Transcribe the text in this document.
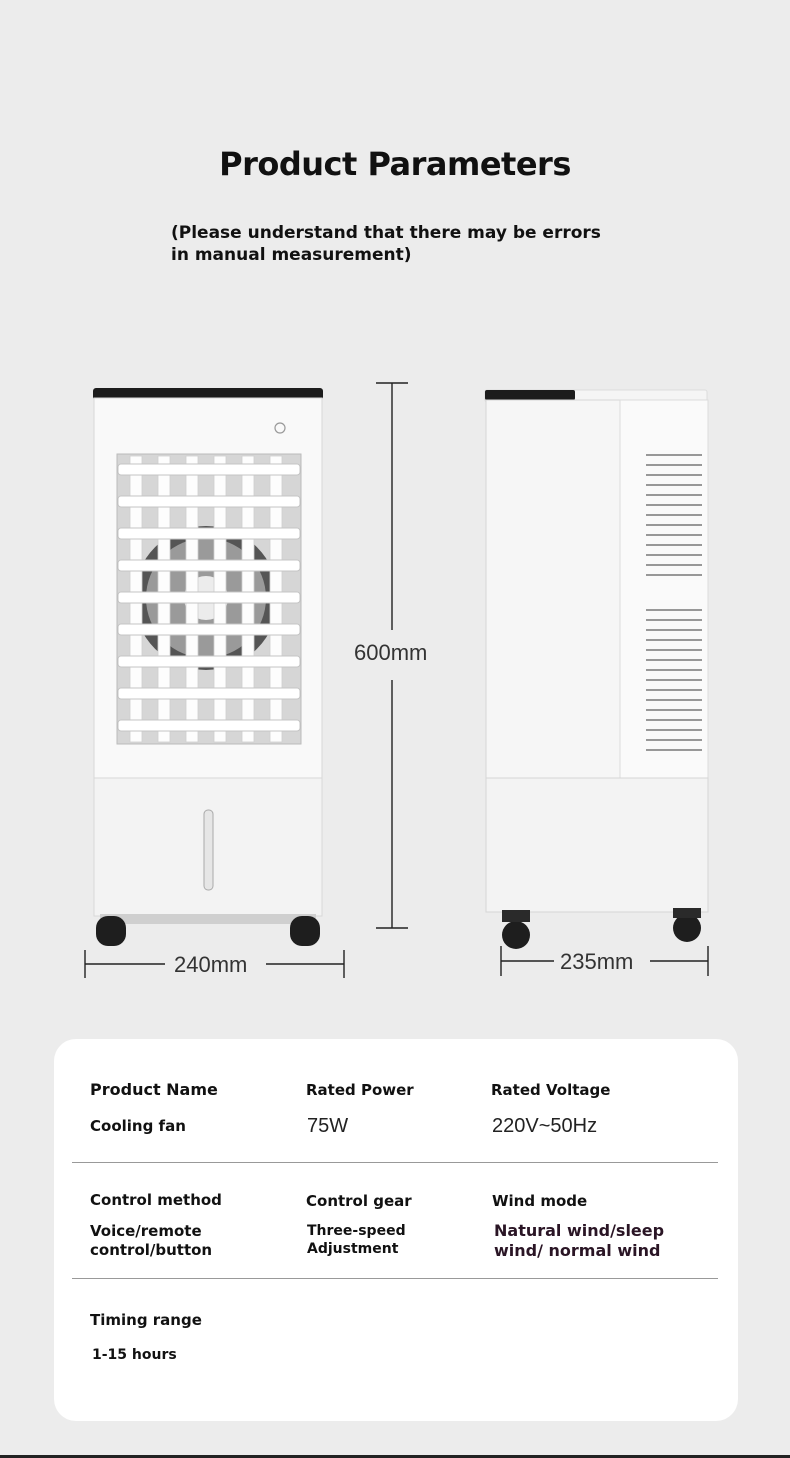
Product Parameters
(Please understand that there may be errors in manual measurement)
600mm
240mm	235mm
Product Name
Cooling fan
Rated Power
75W
Rated Voltage
220V~50Hz
Control method
Voice/remote control/button
Control gear
Three-speed Adjustment
Wind mode
Natural wind/sleep wind/ normal wind
Timing range
1-15 hours
